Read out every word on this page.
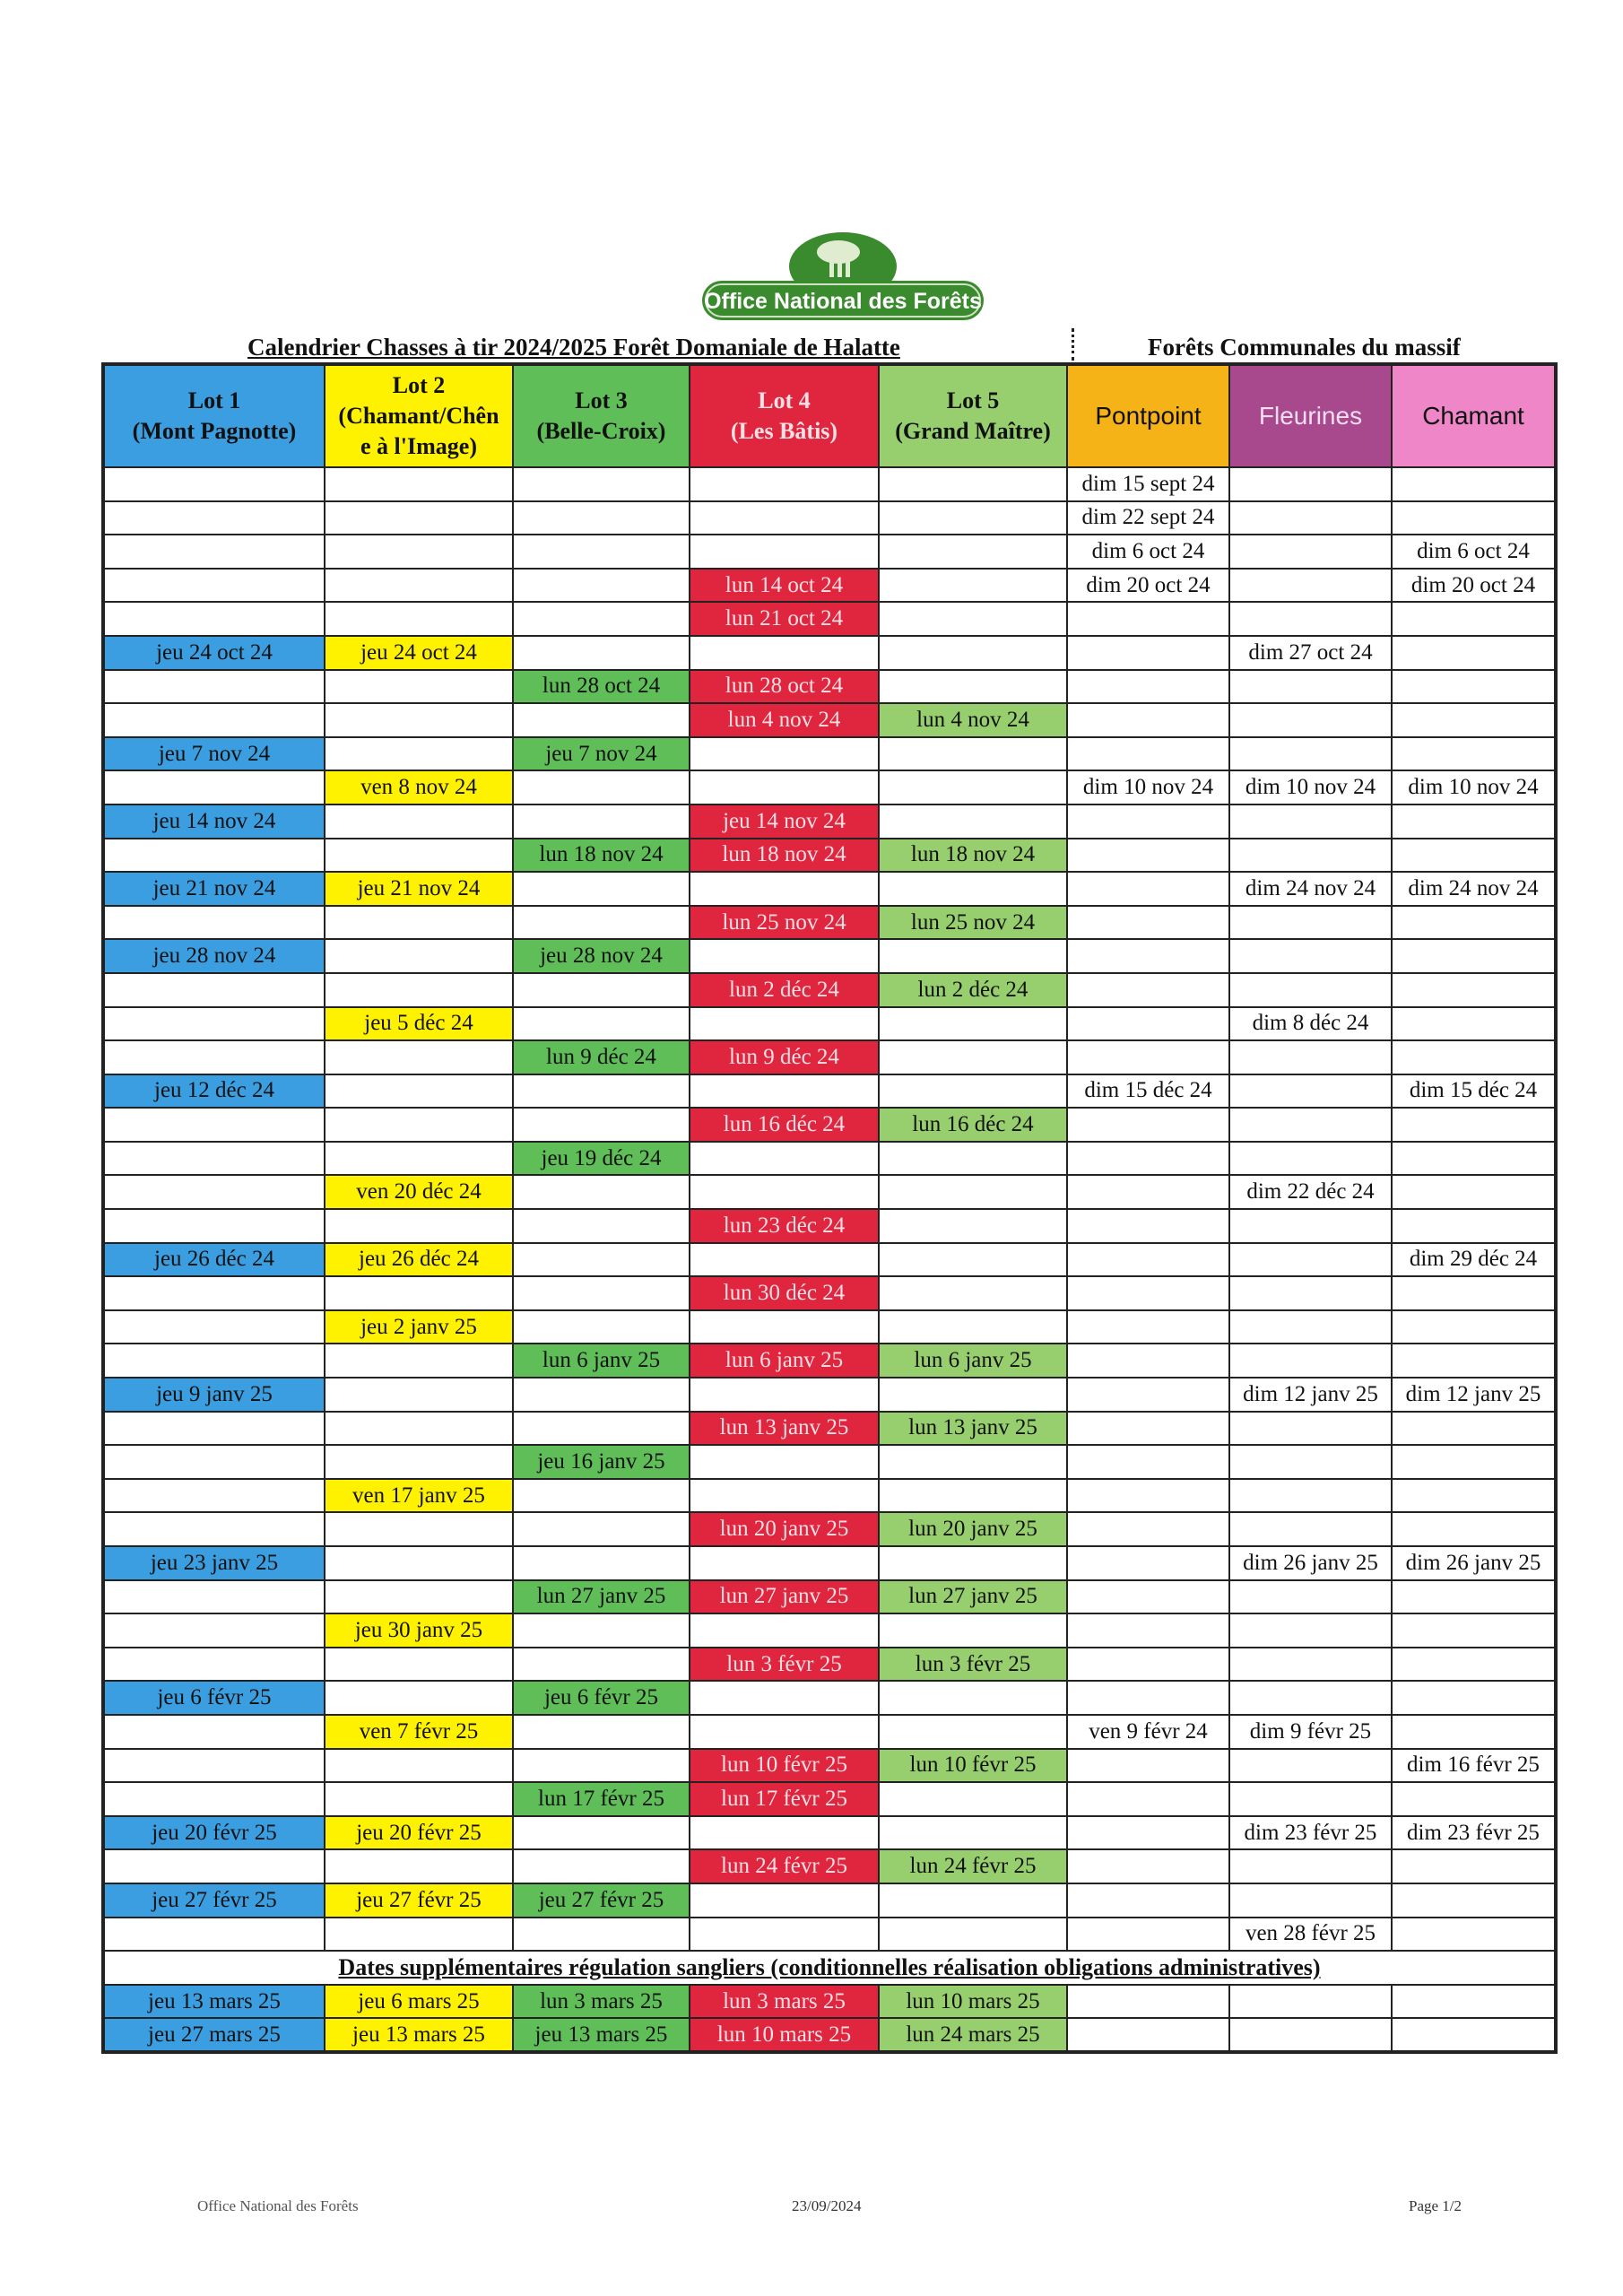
Office National des Forêts
Calendrier Chasses à tir 2024/2025 Forêt Domaniale de Halatte	Forêts Communales du massif
Lot 1
(Mont Pagnotte)	Lot 2
(Chamant/Chên
e à l'Image)	Lot 3
(Belle-Croix)	Lot 4
(Les Bâtis)	Lot 5
(Grand Maître)	Pontpoint	Fleurines	Chamant
					dim 15 sept 24		
					dim 22 sept 24		
					dim 6 oct 24		dim 6 oct 24
			lun 14 oct 24		dim 20 oct 24		dim 20 oct 24
			lun 21 oct 24				
jeu 24 oct 24	jeu 24 oct 24					dim 27 oct 24	
		lun 28 oct 24	lun 28 oct 24				
			lun 4 nov 24	lun 4 nov 24			
jeu 7 nov 24		jeu 7 nov 24					
	ven 8 nov 24				dim 10 nov 24	dim 10 nov 24	dim 10 nov 24
jeu 14 nov 24			jeu 14 nov 24				
		lun 18 nov 24	lun 18 nov 24	lun 18 nov 24			
jeu 21 nov 24	jeu 21 nov 24					dim 24 nov 24	dim 24 nov 24
			lun 25 nov 24	lun 25 nov 24			
jeu 28 nov 24		jeu 28 nov 24					
			lun 2 déc 24	lun 2 déc 24			
	jeu 5 déc 24					dim 8 déc 24	
		lun 9 déc 24	lun 9 déc 24				
jeu 12 déc 24					dim 15 déc 24		dim 15 déc 24
			lun 16 déc 24	lun 16 déc 24			
		jeu 19 déc 24					
	ven 20 déc 24					dim 22 déc 24	
			lun 23 déc 24				
jeu 26 déc 24	jeu 26 déc 24						dim 29 déc 24
			lun 30 déc 24				
	jeu 2 janv 25						
		lun 6 janv 25	lun 6 janv 25	lun 6 janv 25			
jeu 9 janv 25						dim 12 janv 25	dim 12 janv 25
			lun 13 janv 25	lun 13 janv 25			
		jeu 16 janv 25					
	ven 17 janv 25						
			lun 20 janv 25	lun 20 janv 25			
jeu 23 janv 25						dim 26 janv 25	dim 26 janv 25
		lun 27 janv 25	lun 27 janv 25	lun 27 janv 25			
	jeu 30 janv 25						
			lun 3 févr 25	lun 3 févr 25			
jeu 6 févr 25		jeu 6 févr 25					
	ven 7 févr 25				ven 9 févr 24	dim 9 févr 25	
			lun 10 févr 25	lun 10 févr 25			dim 16 févr 25
		lun 17 févr 25	lun 17 févr 25				
jeu 20 févr 25	jeu 20 févr 25					dim 23 févr 25	dim 23 févr 25
			lun 24 févr 25	lun 24 févr 25			
jeu 27 févr 25	jeu 27 févr 25	jeu 27 févr 25					
						ven 28 févr 25	
Dates supplémentaires régulation sangliers (conditionnelles réalisation obligations administratives)							
jeu 13 mars 25	jeu 6 mars 25	lun 3 mars 25	lun 3 mars 25	lun 10 mars 25			
jeu 27 mars 25	jeu 13 mars 25	jeu 13 mars 25	lun 10 mars 25	lun 24 mars 25			
Office National des Forêts	23/09/2024	Page 1/2
